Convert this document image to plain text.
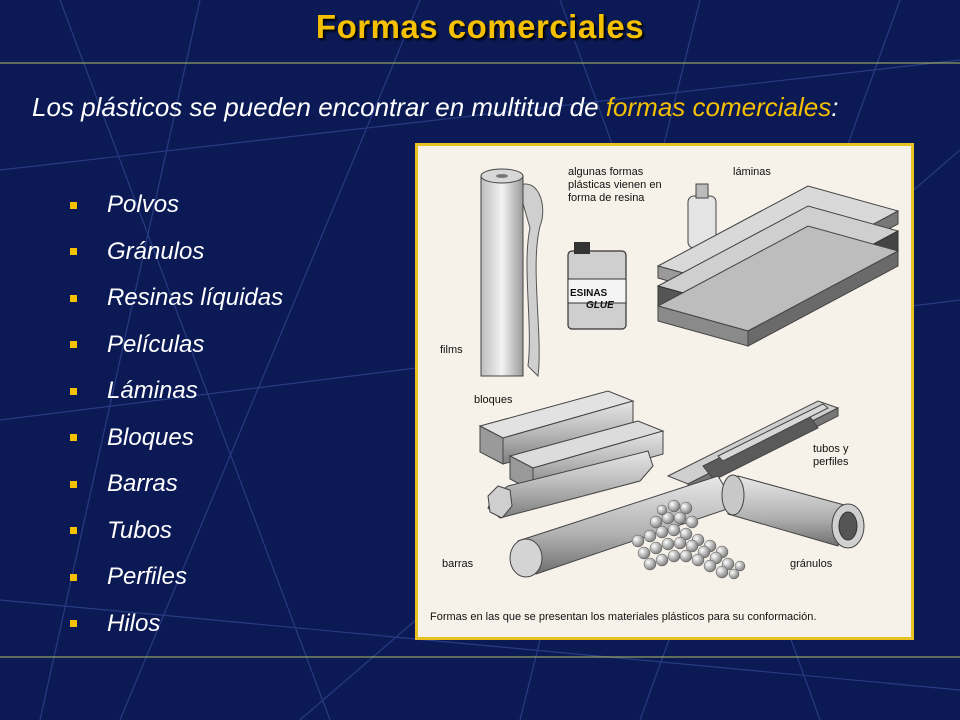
Formas comerciales
Los plásticos se pueden encontrar en multitud de formas comerciales:
Polvos
Gránulos
Resinas líquidas
Películas
Láminas
Bloques
Barras
Tubos
Perfiles
Hilos
algunas formas
plásticas vienen en
forma de resina
láminas
films
bloques
tubos y
perfiles
barras	gránulos
ESINAS
GLUE
Formas en las que se presentan los materiales plásticos para su conformación.
